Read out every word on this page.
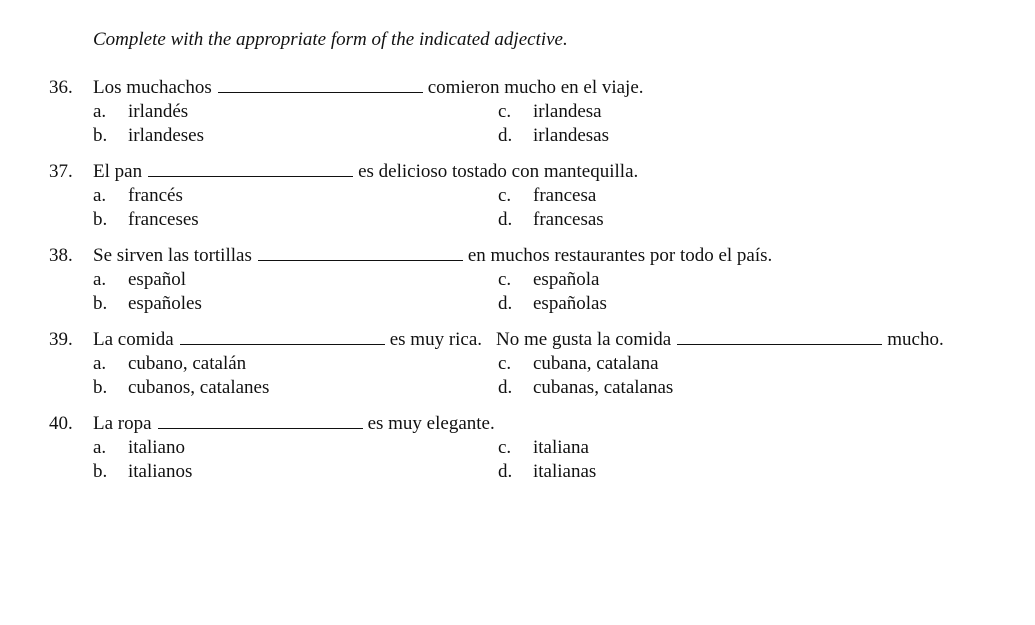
Complete with the appropriate form of the indicated adjective.
36. Los muchachos	comieron mucho en el viaje.
a. irlandés
b. irlandeses
c. irlandesa
d. irlandesas
37. El pan	es delicioso tostado con mantequilla.
a. francés
b. franceses
c. francesa
d. francesas
38. Se sirven las tortillas	en muchos restaurantes por todo el país.
a. español
b. españoles
c. española
d. españolas
39. La comida	es muy rica. No me gusta la comida	mucho.
a. cubano, catalán
b. cubanos, catalanes
c. cubana, catalana
d. cubanas, catalanas
40. La ropa	es muy elegante.
a. italiano
b. italianos
c. italiana
d. italianas
